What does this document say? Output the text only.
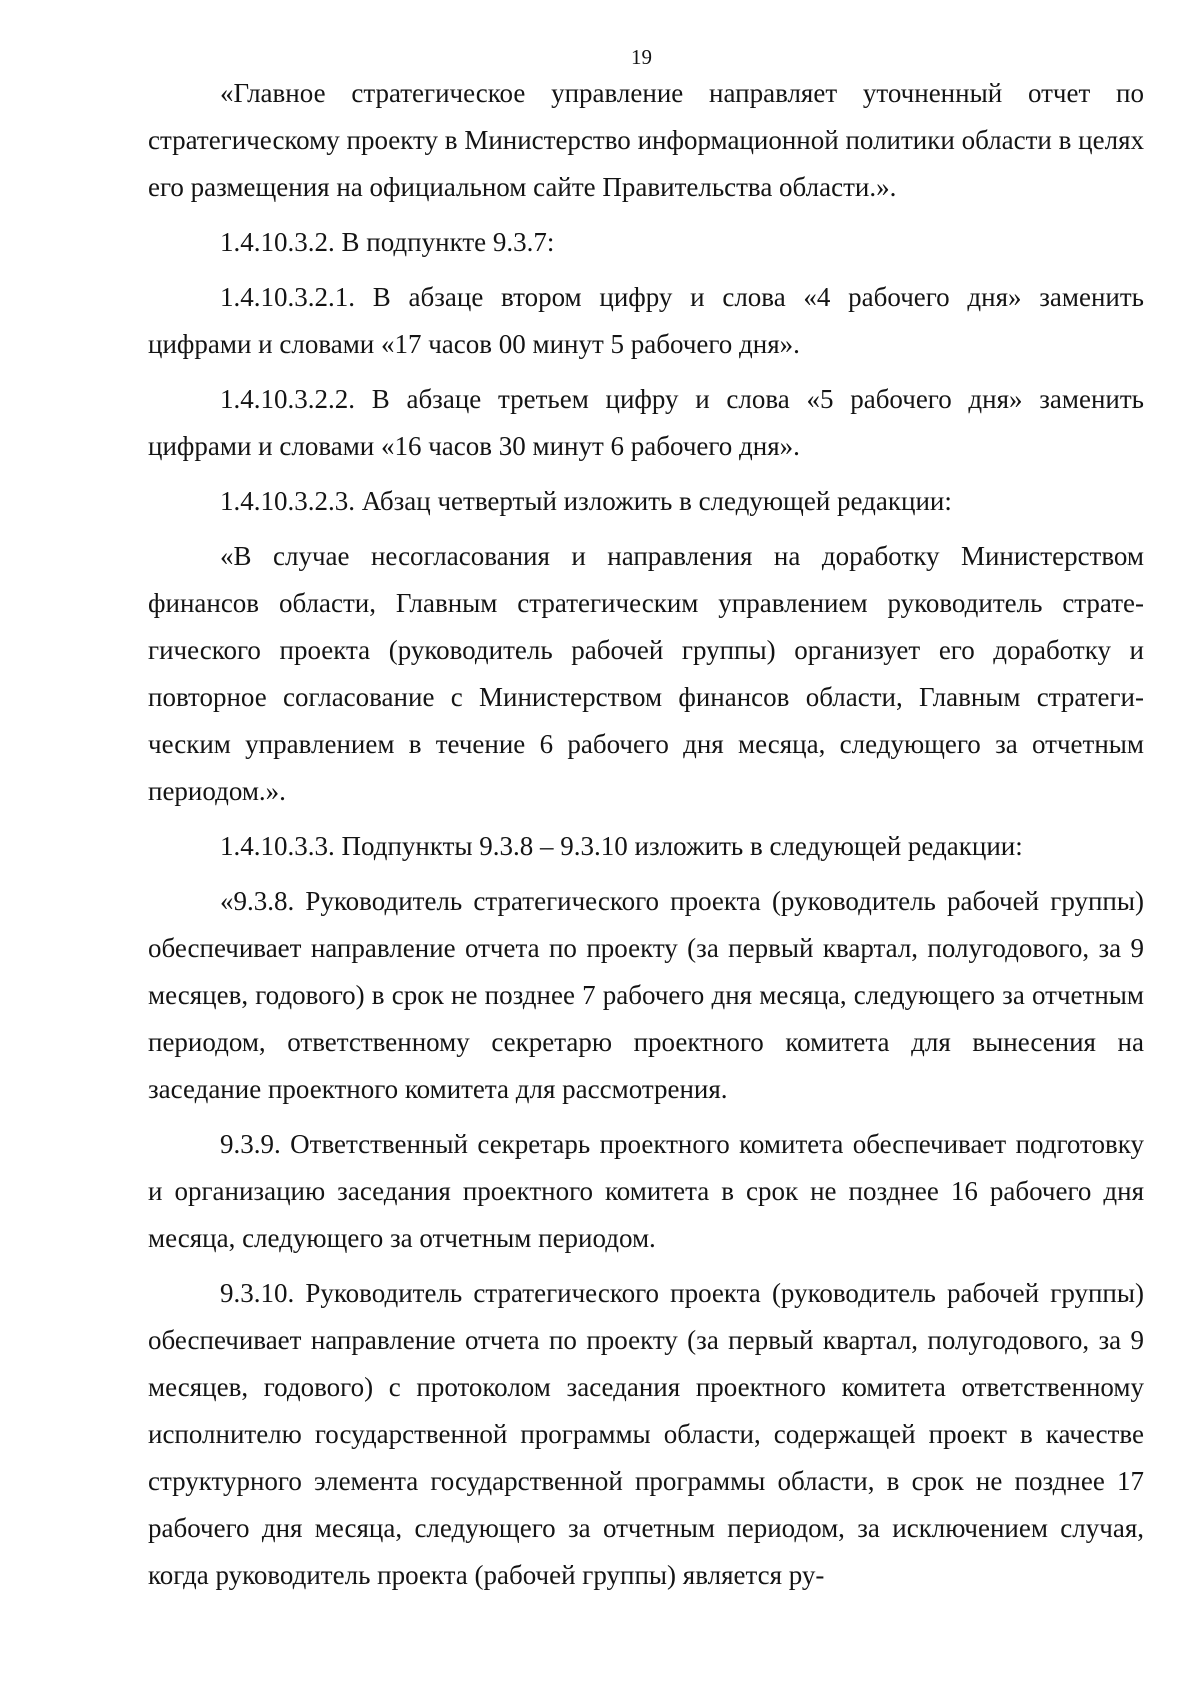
19

«Главное стратегическое управление направляет уточненный отчет по стратегическому проекту в Министерство информационной политики области в целях его размещения на официальном сайте Правительства области.».

1.4.10.3.2. В подпункте 9.3.7:

1.4.10.3.2.1. В абзаце втором цифру и слова «4 рабочего дня» заменить цифрами и словами «17 часов 00 минут 5 рабочего дня».

1.4.10.3.2.2. В абзаце третьем цифру и слова «5 рабочего дня» заменить цифрами и словами «16 часов 30 минут 6 рабочего дня».

1.4.10.3.2.3. Абзац четвертый изложить в следующей редакции:

«В случае несогласования и направления на доработку Министерством финансов области, Главным стратегическим управлением руководитель стратегического проекта (руководитель рабочей группы) организует его доработку и повторное согласование с Министерством финансов области, Главным стратегическим управлением в течение 6 рабочего дня месяца, следующего за отчетным периодом.».

1.4.10.3.3. Подпункты 9.3.8 – 9.3.10 изложить в следующей редакции:

«9.3.8. Руководитель стратегического проекта (руководитель рабочей группы) обеспечивает направление отчета по проекту (за первый квартал, полугодового, за 9 месяцев, годового) в срок не позднее 7 рабочего дня месяца, следующего за отчетным периодом, ответственному секретарю проектного комитета для вынесения на заседание проектного комитета для рассмотрения.

9.3.9. Ответственный секретарь проектного комитета обеспечивает подготовку и организацию заседания проектного комитета в срок не позднее 16 рабочего дня месяца, следующего за отчетным периодом.

9.3.10. Руководитель стратегического проекта (руководитель рабочей группы) обеспечивает направление отчета по проекту (за первый квартал, полугодового, за 9 месяцев, годового) с протоколом заседания проектного комитета ответственному исполнителю государственной программы области, содержащей проект в качестве структурного элемента государственной программы области, в срок не позднее 17 рабочего дня месяца, следующего за отчетным периодом, за исключением случая, когда руководитель проекта (рабочей группы) является ру-
